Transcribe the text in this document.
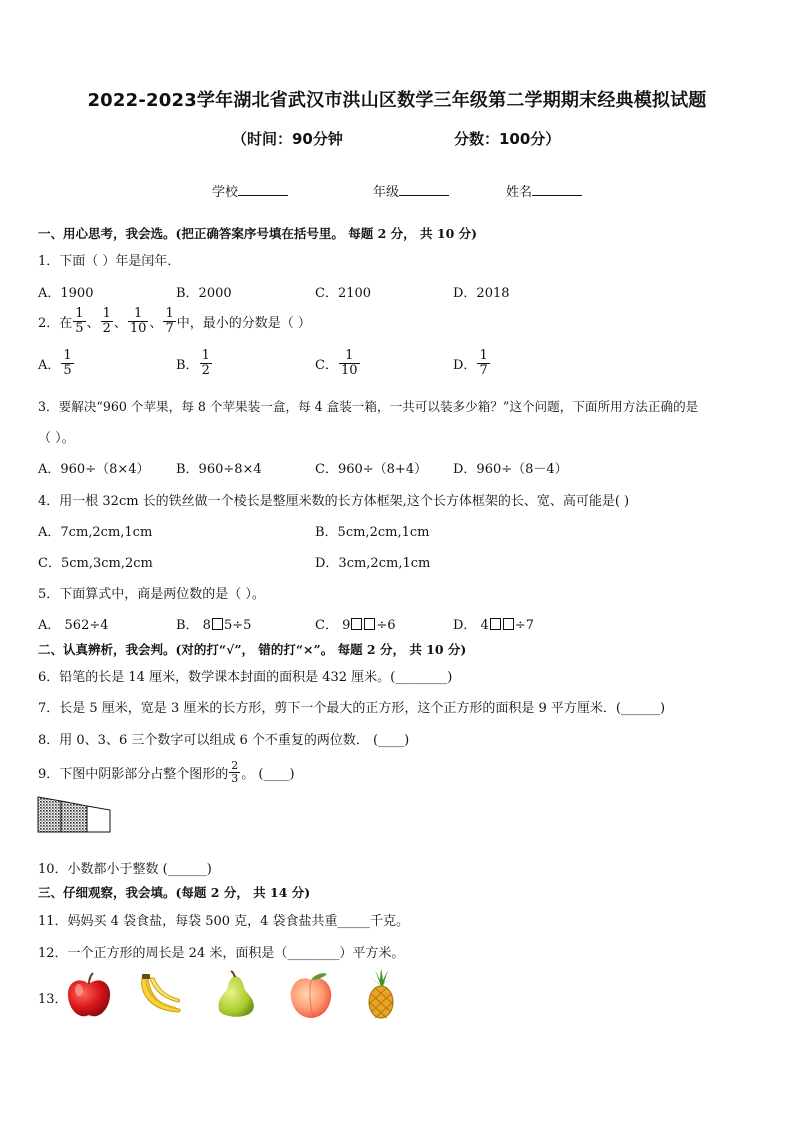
2022-2023学年湖北省武汉市洪山区数学三年级第二学期期末经典模拟试题
（时间：90分钟	分数：100分）
学校	年级	姓名
一、用心思考，我会选。(把正确答案序号填在括号里。 每题 2 分， 共 10 分)
1．下面（ ）年是闰年．
A．1900	B．2000	C．2100	D．2018
2．在 $\frac{1}{5}$ 、 $\frac{1}{2}$ 、 $\frac{1}{10}$ 、 $\frac{1}{7}$ 中，最小的分数是（ ）
A． $\frac{1}{5}$	B． $\frac{1}{2}$	C． $\frac{1}{10}$	D． $\frac{1}{7}$
3．要解决“960 个苹果，每 8 个苹果装一盒，每 4 盒装一箱，一共可以装多少箱？”这个问题，下面所用方法正确的是
（ ）。
A．960÷（8×4） B．960÷8×4	C．960÷（8+4） D．960÷（8－4）
4．用一根 32cm 长的铁丝做一个棱长是整厘米数的长方体框架,这个长方体框架的长、宽、高可能是( )
A．7cm,2cm,1cm	B．5cm,2cm,1cm
C．5cm,3cm,2cm	D．3cm,2cm,1cm
5．下面算式中，商是两位数的是（ ）。
A． 562÷4	B． 8 5÷5	C． 9 ÷6	D． 4 ÷7
二、认真辨析，我会判。(对的打“√”， 错的打“×”。 每题 2 分， 共 10 分)
6．铅笔的长是 14 厘米，数学课本封面的面积是 432 厘米。(________)
7．长是 5 厘米，宽是 3 厘米的长方形，剪下一个最大的正方形，这个正方形的面积是 9 平方厘米．(______)
8．用 0、3、6 三个数字可以组成 6 个不重复的两位数． (____)
9．下图中阴影部分占整个图形的 $\frac{2}{3}$ 。 (____)
10．小数都小于整数 (______)
三、仔细观察，我会填。(每题 2 分， 共 14 分)
11．妈妈买 4 袋食盐，每袋 500 克，4 袋食盐共重_____千克。
12．一个正方形的周长是 24 米，面积是（________）平方米。
13．
